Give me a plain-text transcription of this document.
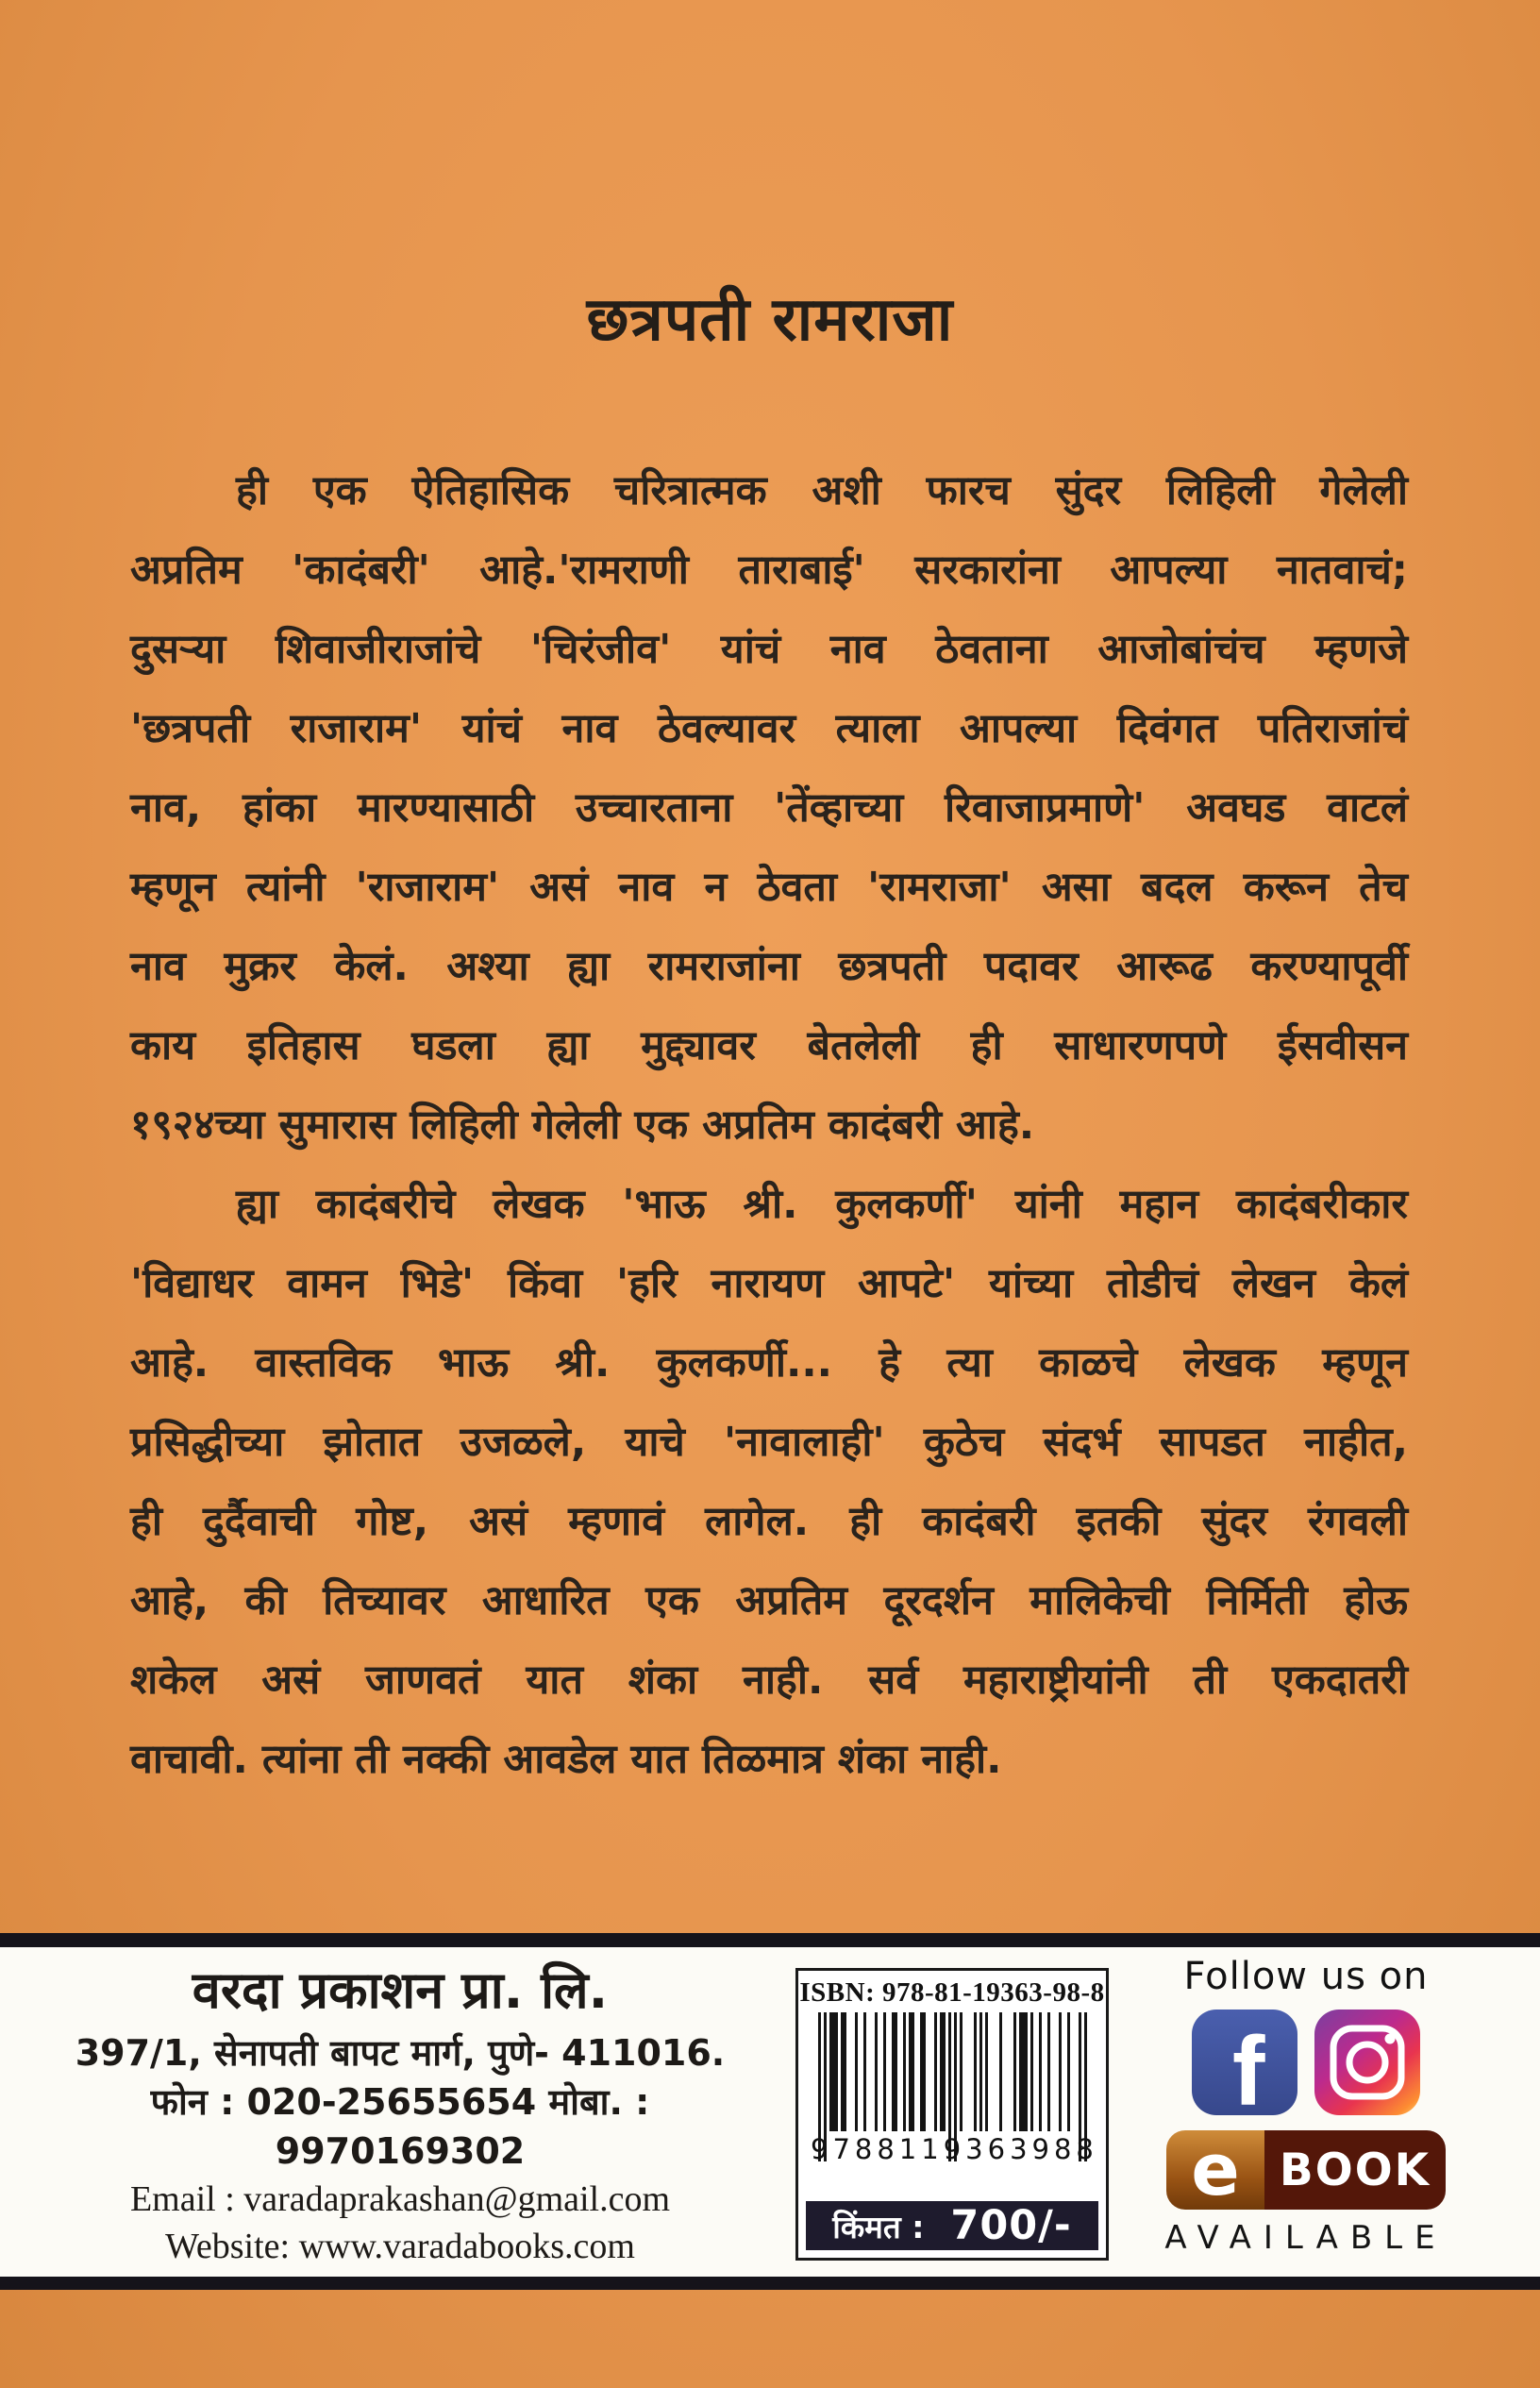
छत्रपती रामराजा
ही एक ऐतिहासिक चरित्रात्मक अशी फारच सुंदर लिहिली गेलेली
अप्रतिम 'कादंबरी' आहे.'रामराणी ताराबाई' सरकारांना आपल्या नातवाचं;
दुसऱ्या शिवाजीराजांचे 'चिरंजीव' यांचं नाव ठेवताना आजोबांचंच म्हणजे
'छत्रपती राजाराम' यांचं नाव ठेवल्यावर त्याला आपल्या दिवंगत पतिराजांचं
नाव, हांका मारण्यासाठी उच्चारताना 'तेंव्हाच्या रिवाजाप्रमाणे' अवघड वाटलं
म्हणून त्यांनी 'राजाराम' असं नाव न ठेवता 'रामराजा' असा बदल करून तेच
नाव मुक्रर केलं. अश्या ह्या रामराजांना छत्रपती पदावर आरूढ करण्यापूर्वी
काय इतिहास घडला ह्या मुद्द्यावर बेतलेली ही साधारणपणे ईसवीसन
१९२४च्या सुमारास लिहिली गेलेली एक अप्रतिम कादंबरी आहे.
ह्या कादंबरीचे लेखक 'भाऊ श्री. कुलकर्णी' यांनी महान कादंबरीकार
'विद्याधर वामन भिडे' किंवा 'हरि नारायण आपटे' यांच्या तोडीचं लेखन केलं
आहे. वास्तविक भाऊ श्री. कुलकर्णी... हे त्या काळचे लेखक म्हणून
प्रसिद्धीच्या झोतात उजळले, याचे 'नावालाही' कुठेच संदर्भ सापडत नाहीत,
ही दुर्दैवाची गोष्ट, असं म्हणावं लागेल. ही कादंबरी इतकी सुंदर रंगवली
आहे, की तिच्यावर आधारित एक अप्रतिम दूरदर्शन मालिकेची निर्मिती होऊ
शकेल असं जाणवतं यात शंका नाही. सर्व महाराष्ट्रीयांनी ती एकदातरी
वाचावी. त्यांना ती नक्की आवडेल यात तिळमात्र शंका नाही.
वरदा प्रकाशन प्रा. लि.
397/1, सेनापती बापट मार्ग, पुणे- 411016.
फोन : 020-25655654 मोबा. : 9970169302
Email : varadaprakashan@gmail.com
Website: www.varadabooks.com
ISBN: 978-81-19363-98-8
9 788119 363988
किंमत : 700/-
Follow us on
f
e BOOK
AVAILABLE
